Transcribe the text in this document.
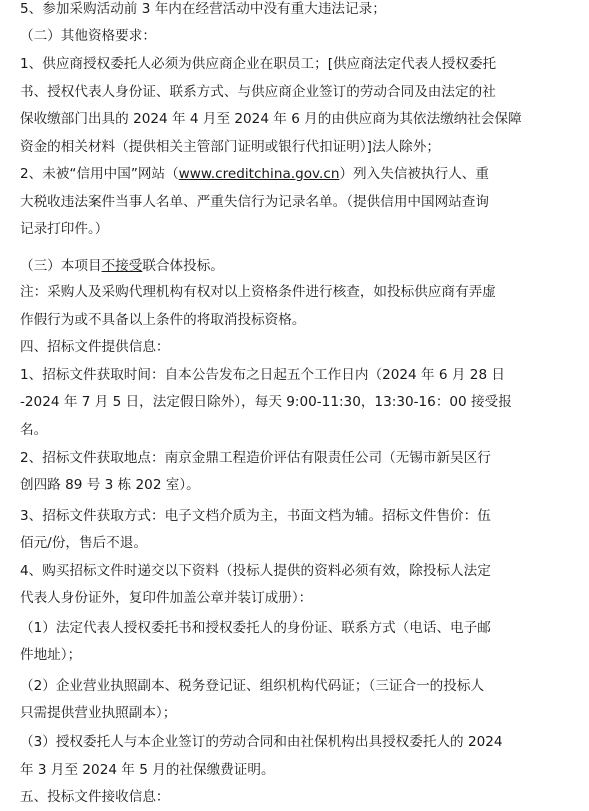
5、参加采购活动前 3 年内在经营活动中没有重大违法记录；
（二）其他资格要求：
1、供应商授权委托人必须为供应商企业在职员工；[供应商法定代表人授权委托
书、授权代表人身份证、联系方式、与供应商企业签订的劳动合同及由法定的社
保收缴部门出具的 2024 年 4 月至 2024 年 6 月的由供应商为其依法缴纳社会保障
资金的相关材料（提供相关主管部门证明或银行代扣证明）]法人除外；
2、未被“信用中国”网站（www.creditchina.gov.cn）列入失信被执行人、重
大税收违法案件当事人名单、严重失信行为记录名单。（提供信用中国网站查询
记录打印件。）
（三）本项目不接受联合体投标。
注：采购人及采购代理机构有权对以上资格条件进行核查，如投标供应商有弄虚
作假行为或不具备以上条件的将取消投标资格。
四、招标文件提供信息：
1、招标文件获取时间：自本公告发布之日起五个工作日内（2024 年 6 月 28 日
-2024 年 7 月 5 日，法定假日除外），每天 9:00-11:30，13:30-16：00 接受报
名。
2、招标文件获取地点：南京金鼎工程造价评估有限责任公司（无锡市新吴区行
创四路 89 号 3 栋 202 室）。
3、招标文件获取方式：电子文档介质为主，书面文档为辅。招标文件售价：伍
佰元/份，售后不退。
4、购买招标文件时递交以下资料（投标人提供的资料必须有效，除投标人法定
代表人身份证外，复印件加盖公章并装订成册）：
（1）法定代表人授权委托书和授权委托人的身份证、联系方式（电话、电子邮
件地址）；
（2）企业营业执照副本、税务登记证、组织机构代码证；（三证合一的投标人
只需提供营业执照副本）；
（3）授权委托人与本企业签订的劳动合同和由社保机构出具授权委托人的 2024
年 3 月至 2024 年 5 月的社保缴费证明。
五、投标文件接收信息：
